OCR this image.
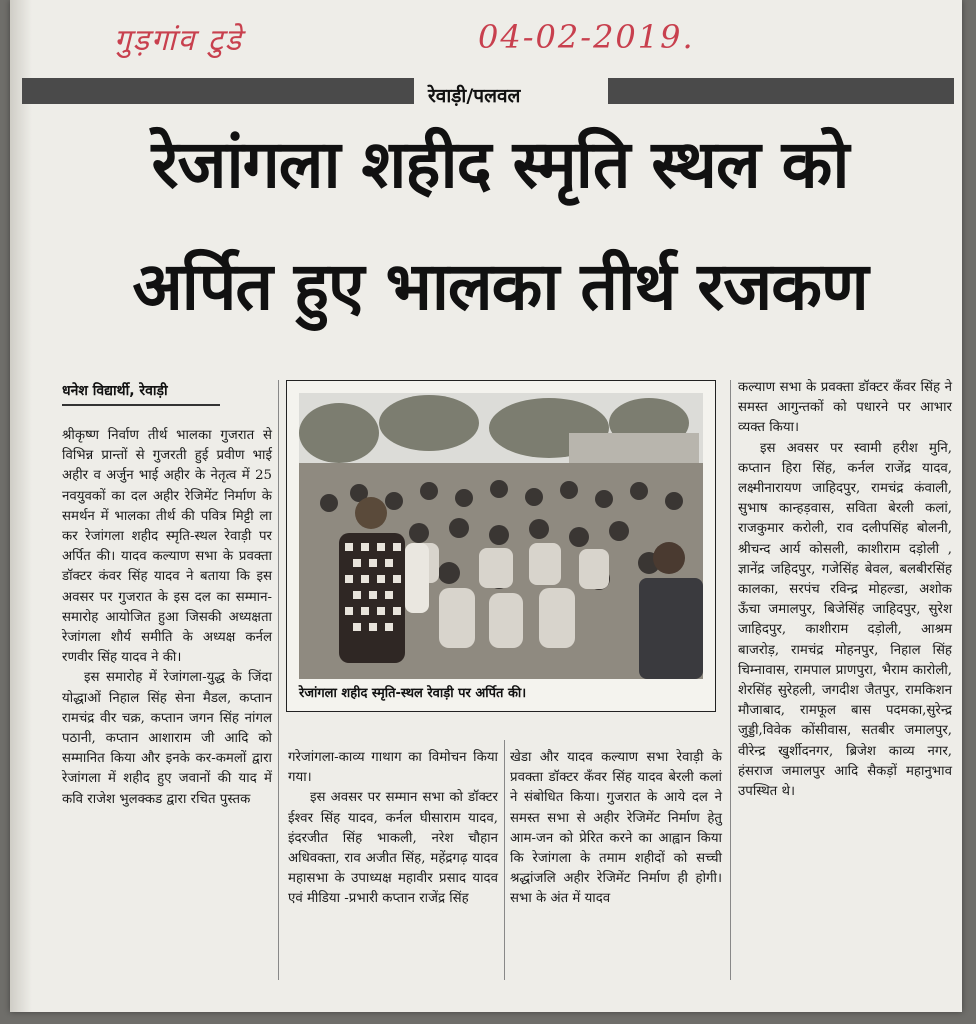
गुड़गांव टुडे	04-02-2019.
रेवाड़ी/पलवल
रेजांगला शहीद स्मृति स्थल को
अर्पित हुए भालका तीर्थ रजकण
धनेश विद्यार्थी, रेवाड़ी

श्रीकृष्ण निर्वाण तीर्थ भालका गुजरात से विभिन्न प्रान्तों से गुजरती हुई प्रवीण भाई अहीर व अर्जुन भाई अहीर के नेतृत्व में 25 नवयुवकों का दल अहीर रेजिमेंट निर्माण के समर्थन में भालका तीर्थ की पवित्र मिट्टी ला कर रेजांगला शहीद स्मृति-स्थल रेवाड़ी पर अर्पित की। यादव कल्याण सभा के प्रवक्ता डॉक्टर कंवर सिंह यादव ने बताया कि इस अवसर पर गुजरात के इस दल का सम्मान-समारोह आयोजित हुआ जिसकी अध्यक्षता रेजांगला शौर्य समीति के अध्यक्ष कर्नल रणवीर सिंह यादव ने की।

इस समारोह में रेजांगला-युद्ध के जिंदा योद्धाओं निहाल सिंह सेना मैडल, कप्तान रामचंद्र वीर चक्र, कप्तान जगन सिंह नांगल पठानी, कप्तान आशाराम जी आदि को सम्मानित किया और इनके कर-कमलों द्वारा रेजांगला में शहीद हुए जवानों की याद में कवि राजेश भुलक्कड द्वारा रचित पुस्तक

रेजांगला शहीद स्मृति-स्थल रेवाड़ी पर अर्पित की।

गरेजांगला-काव्य गाथाग का विमोचन किया गया।

इस अवसर पर सम्मान सभा को डॉक्टर ईश्वर सिंह यादव, कर्नल घीसाराम यादव, इंदरजीत सिंह भाकली, नरेश चौहान अधिवक्ता, राव अजीत सिंह, महेंद्रगढ़ यादव महासभा के उपाध्यक्ष महावीर प्रसाद यादव एवं मीडिया -प्रभारी कप्तान राजेंद्र सिंह

खेडा और यादव कल्याण सभा रेवाड़ी के प्रवक्ता डॉक्टर कँवर सिंह यादव बेरली कलां ने संबोधित किया। गुजरात के आये दल ने समस्त सभा से अहीर रेजिमेंट निर्माण हेतु आम-जन को प्रेरित करने का आह्वान किया कि रेजांगला के तमाम शहीदों को सच्ची श्रद्धांजलि अहीर रेजिमेंट निर्माण ही होगी। सभा के अंत में यादव

कल्याण सभा के प्रवक्ता डॉक्टर कँवर सिंह ने समस्त आगुन्तकों को पधारने पर आभार व्यक्त किया।

इस अवसर पर स्वामी हरीश मुनि, कप्तान हिरा सिंह, कर्नल राजेंद्र यादव, लक्ष्मीनारायण जाहिदपुर, रामचंद्र कंवाली, सुभाष कान्हड़वास, सविता बेरली कलां, राजकुमार करोली, राव दलीपसिंह बोलनी, श्रीचन्द आर्य कोसली, काशीराम दड़ोली , ज्ञानेंद्र जहिदपुर, गजेसिंह बेवल, बलबीरसिंह कालका, सरपंच रविन्द्र मोहल्डा, अशोक ऊँचा जमालपुर, बिजेसिंह जाहिदपुर, सुरेश जाहिदपुर, काशीराम दड़ोली, आश्रम बाजरोड़, रामचंद्र मोहनपुर, निहाल सिंह चिम्नावास, रामपाल प्राणपुरा, भैराम कारोली, शेरसिंह सुरेहली, जगदीश जैतपुर, रामकिशन मौजाबाद, रामफूल बास पदमका,सुरेन्द्र जुड्डी,विवेक कोंसीवास, सतबीर जमालपुर, वीरेन्द्र खुर्शीदनगर, ब्रिजेश काव्य नगर, हंसराज जमालपुर आदि सैकड़ों महानुभाव उपस्थित थे।
